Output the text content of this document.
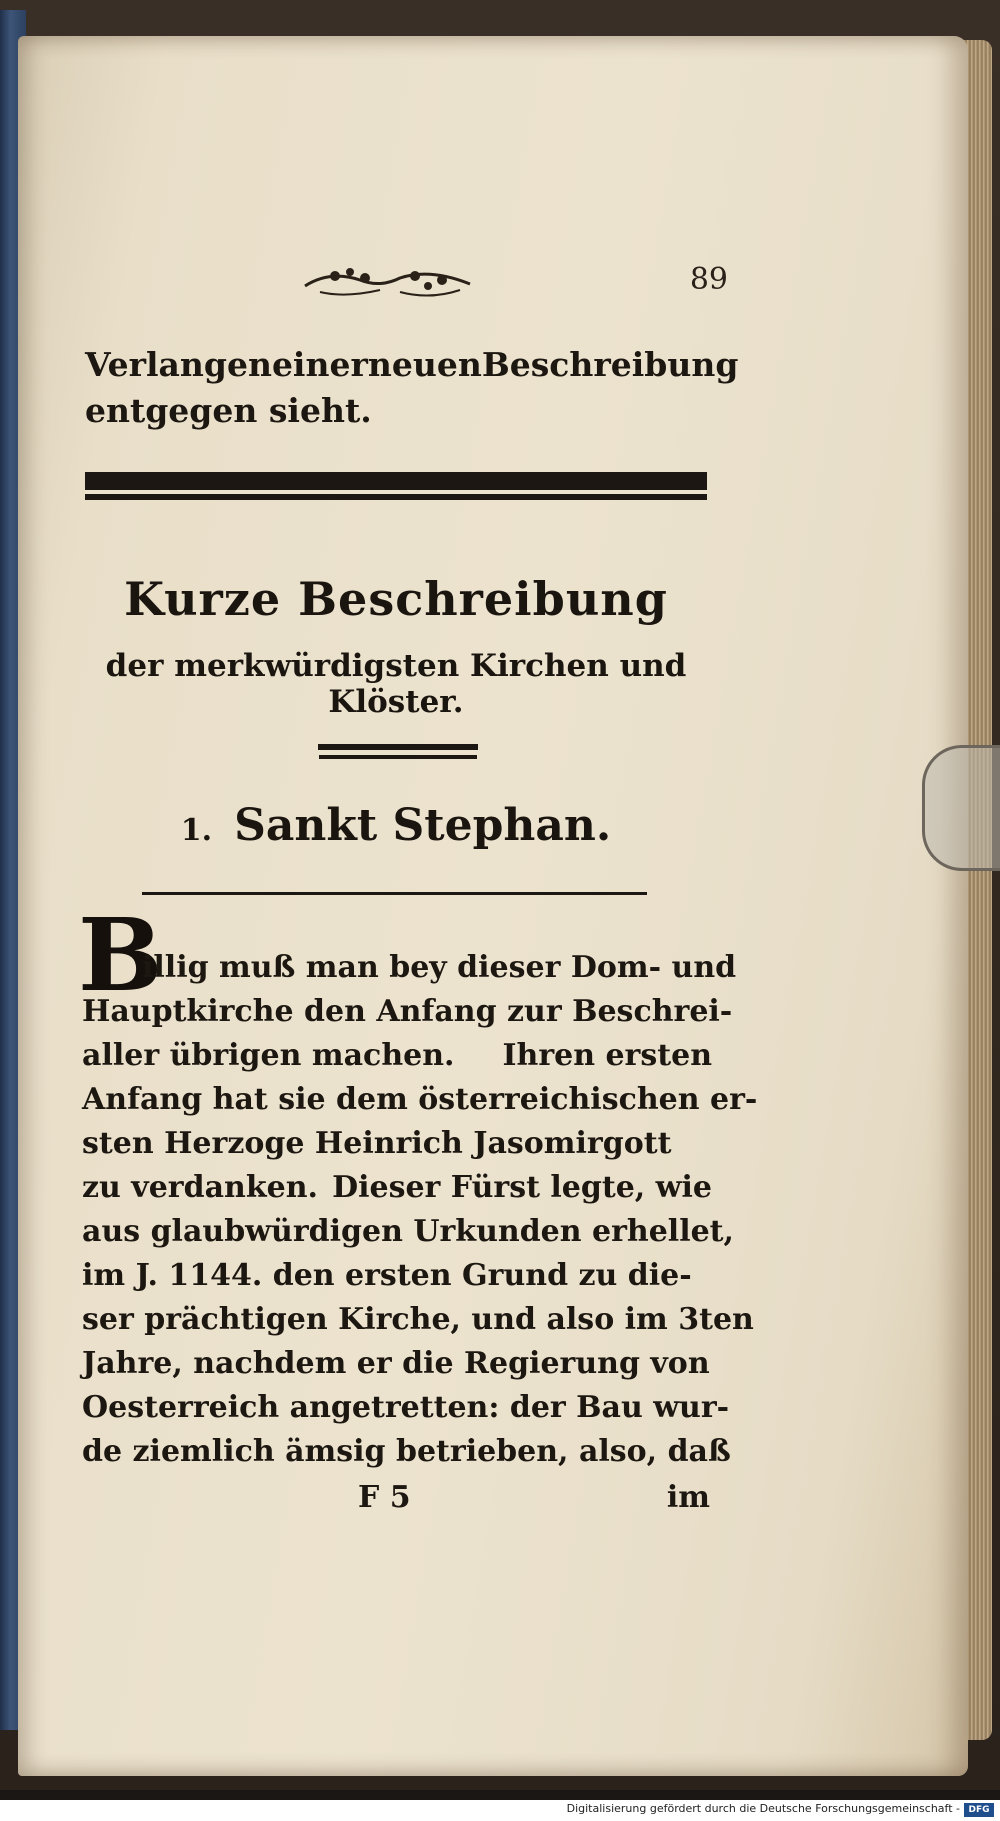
89
Verlangen einer neuen Beschreibung
entgegen sieht.
Kurze Beschreibung
der merkwürdigsten Kirchen und Klöster.
1. Sankt Stephan.
B
illig muß man bey dieser Dom- und
Hauptkirche den Anfang zur Beschrei-
aller übrigen machen. Ihren ersten
Anfang hat sie dem österreichischen er-
sten Herzoge Heinrich Jasomirgott
zu verdanken. Dieser Fürst legte, wie
aus glaubwürdigen Urkunden erhellet,
im J. 1144. den ersten Grund zu die-
ser prächtigen Kirche, und also im 3ten
Jahre, nachdem er die Regierung von
Oesterreich angetretten: der Bau wur-
de ziemlich ämsig betrieben, also, daß
F 5	im
Digitalisierung gefördert durch die Deutsche Forschungsgemeinschaft - DFG
